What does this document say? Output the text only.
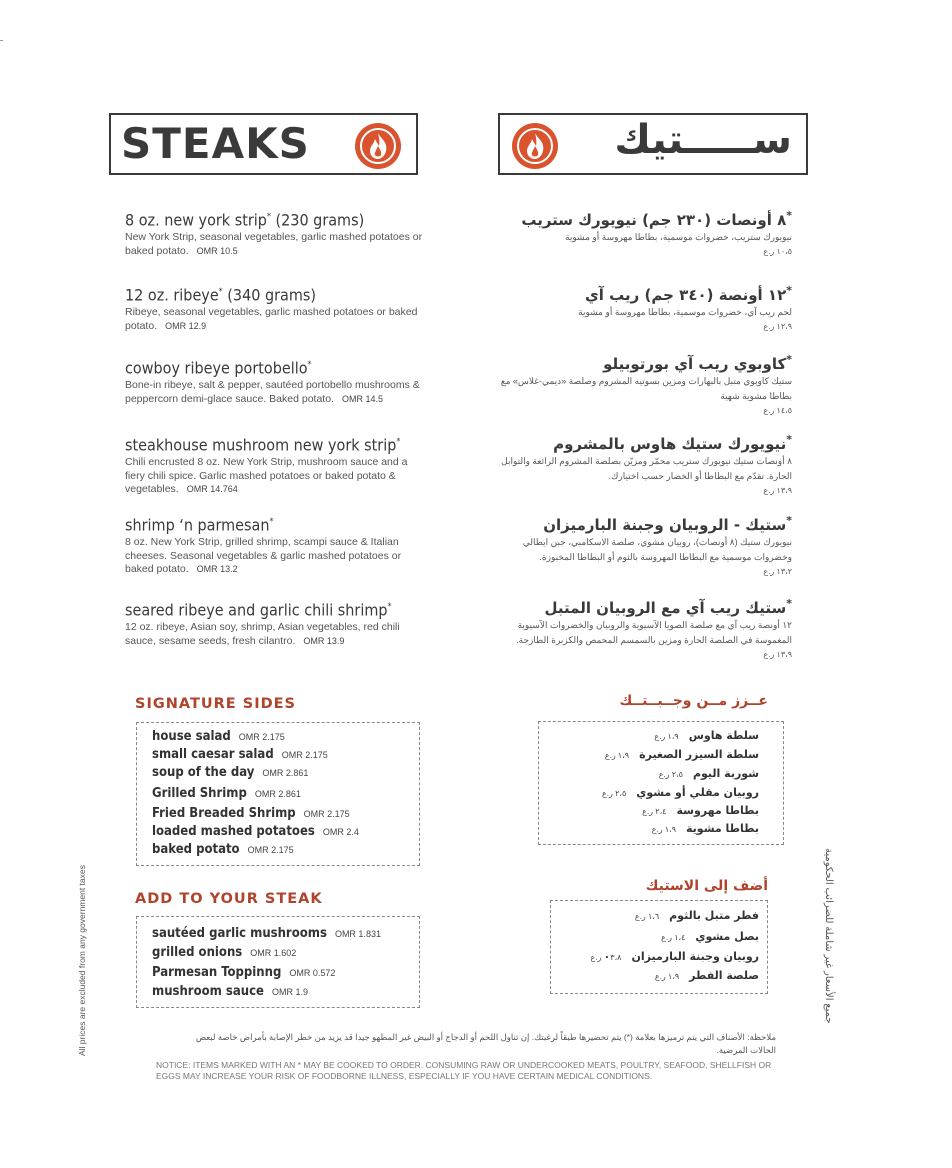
STEAKS	ســـــتيك
8 oz. new york strip* (230 grams)
New York Strip, seasonal vegetables, garlic mashed potatoes or baked potato. OMR 10.5
12 oz. ribeye* (340 grams)
Ribeye, seasonal vegetables, garlic mashed potatoes or baked potato. OMR 12.9
cowboy ribeye portobello*
Bone-in ribeye, salt & pepper, sautéed portobello mushrooms & peppercorn demi-glace sauce. Baked potato. OMR 14.5
steakhouse mushroom new york strip*
Chili encrusted 8 oz. New York Strip, mushroom sauce and a fiery chili spice. Garlic mashed potatoes or baked potato & vegetables. OMR 14.764
shrimp ‘n parmesan*
8 oz. New York Strip, grilled shrimp, scampi sauce & Italian cheeses. Seasonal vegetables & garlic mashed potatoes or baked potato. OMR 13.2
seared ribeye and garlic chili shrimp*
12 oz. ribeye, Asian soy, shrimp, Asian vegetables, red chili sauce, sesame seeds, fresh cilantro. OMR 13.9
*٨ أونصات (٢٣٠ جم) نيويورك ستريب
نيويورك ستريب، خضروات موسمية، بطاطا مهروسة أو مشوية
١٠،٥ ر.ع
*١٢ أونصة (٣٤٠ جم) ريب آي
لحم ريب آي، خضروات موسمية، بطاطا مهروسة أو مشوية
١٢،٩ ر.ع
*كاوبوي ريب آي بورتوبيلو
ستيك كاوبوي متبل بالبهارات ومزين بسوتيه المشروم وصلصة «ديمي-غلاس» مع بطاطا مشوية شهية
١٤،٥ ر.ع
*نيويورك ستيك هاوس بالمشروم
٨ أونصات ستيك نيويورك ستريب محمّر ومزيّن بصلصة المشروم الرائعة والتوابل الحارة. تقدّم مع البطاطا أو الخضار حسب اختيارك.
١٣،٩ ر.ع
*ستيك - الروبيان وجبنة البارميزان
نيويورك ستيك (٨ أونصات)، روبيان مشوي، صلصة الاسكامبي، جبن ايطالي وخضروات موسمية مع البطاطا المهروسة بالثوم أو البطاطا المخبوزة.
١٣،٢ ر.ع
*ستيك ريب آي مع الروبيان المتبل
١٢ أونصة ريب آي مع صلصة الصويا الآسيوية والروبيان والخضروات الآسيوية المغموسة في الصلصة الحارة ومزين بالسمسم المحمص والكزبرة الطازجة.
١٣،٩ ر.ع
SIGNATURE SIDES	عــزز مــن وجــبــتــك
house salad OMR 2.175
small caesar salad OMR 2.175
soup of the day OMR 2.861
Grilled Shrimp OMR 2.861
Fried Breaded Shrimp OMR 2.175
loaded mashed potatoes OMR 2.4
baked potato OMR 2.175
سلطة هاوس١،٩ ر.ع
سلطة السيزر الصغيرة١،٩ ر.ع
شوربة اليوم٢،٥ ر.ع
روبيان مقلي أو مشوي٢،٥ ر.ع
بطاطا مهروسة٢،٤ ر.ع
بطاطا مشوية١،٩ ر.ع
ADD TO YOUR STEAK
أضف إلى الاستيك
sautéed garlic mushrooms OMR 1.831
grilled onions OMR 1.602
Parmesan Toppinng OMR 0.572
mushroom sauce OMR 1.9
فطر متبل بالثوم١،٦ ر.ع
بصل مشوي١،٤ ر.ع
روبيان وجبنة البارميزان٠٣،٨ ر.ع
صلصة الفطر١،٩ ر.ع
All prices are excluded from any government taxes	جميع الأسعار غير شاملة للضرائب الحكومية
ملاحظة: الأصناف التي يتم ترميزها بعلامة (*) يتم تحضيرها طبقاً لرغبتك. إن تناول اللحم أو الدجاج أو البيض غير المطهو جيدا قد يزيد من خطر الإصابة بأمراض خاصة لبعض الحالات المرضية.
NOTICE: ITEMS MARKED WITH AN * MAY BE COOKED TO ORDER. CONSUMING RAW OR UNDERCOOKED MEATS, POULTRY, SEAFOOD, SHELLFISH OR EGGS MAY INCREASE YOUR RISK OF FOODBORNE ILLNESS, ESPECIALLY IF YOU HAVE CERTAIN MEDICAL CONDITIONS.
